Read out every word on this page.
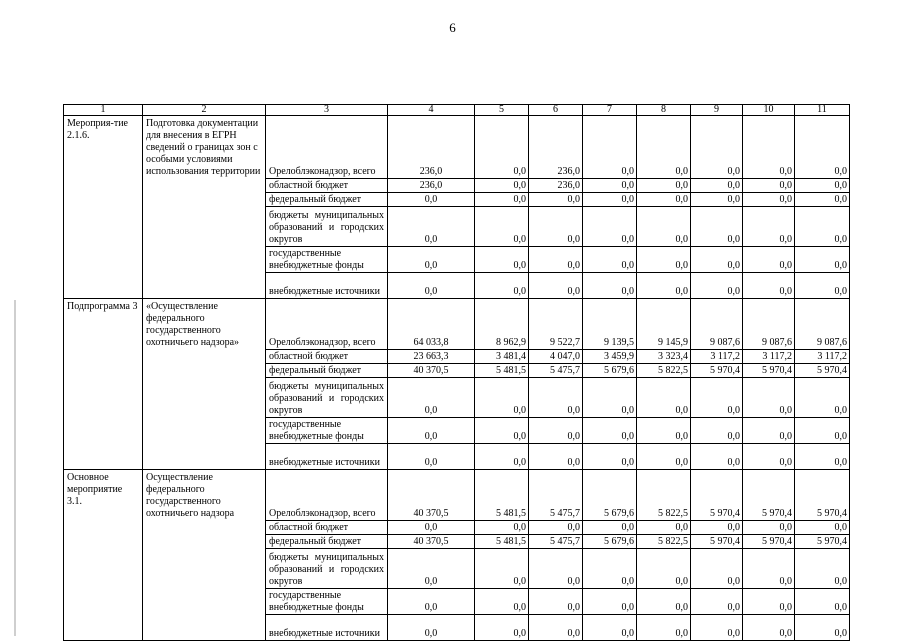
6
1	2	3	4	5	6	7	8	9	10	11
Мероприя-тие 2.1.6.	Подготовка документации для внесения в ЕГРН сведений о границах зон с особыми условиями использования территории	Орелоблэконадзор, всего	236,0	0,0	236,0	0,0	0,0	0,0	0,0	0,0
		областной бюджет	236,0	0,0	236,0	0,0	0,0	0,0	0,0	0,0
		федеральный бюджет	0,0	0,0	0,0	0,0	0,0	0,0	0,0	0,0
		бюджеты муниципальных образований и городских округов	0,0	0,0	0,0	0,0	0,0	0,0	0,0	0,0
		государственные внебюджетные фонды	0,0	0,0	0,0	0,0	0,0	0,0	0,0	0,0
		внебюджетные источники	0,0	0,0	0,0	0,0	0,0	0,0	0,0	0,0
Подпрограмма 3	«Осуществление федерального государственного охотничьего надзора»	Орелоблэконадзор, всего	64 033,8	8 962,9	9 522,7	9 139,5	9 145,9	9 087,6	9 087,6	9 087,6
		областной бюджет	23 663,3	3 481,4	4 047,0	3 459,9	3 323,4	3 117,2	3 117,2	3 117,2
		федеральный бюджет	40 370,5	5 481,5	5 475,7	5 679,6	5 822,5	5 970,4	5 970,4	5 970,4
		бюджеты муниципальных образований и городских округов	0,0	0,0	0,0	0,0	0,0	0,0	0,0	0,0
		государственные внебюджетные фонды	0,0	0,0	0,0	0,0	0,0	0,0	0,0	0,0
		внебюджетные источники	0,0	0,0	0,0	0,0	0,0	0,0	0,0	0,0
Основное мероприятие 3.1.	Осуществление федерального государственного охотничьего надзора	Орелоблэконадзор, всего	40 370,5	5 481,5	5 475,7	5 679,6	5 822,5	5 970,4	5 970,4	5 970,4
		областной бюджет	0,0	0,0	0,0	0,0	0,0	0,0	0,0	0,0
		федеральный бюджет	40 370,5	5 481,5	5 475,7	5 679,6	5 822,5	5 970,4	5 970,4	5 970,4
		бюджеты муниципальных образований и городских округов	0,0	0,0	0,0	0,0	0,0	0,0	0,0	0,0
		государственные внебюджетные фонды	0,0	0,0	0,0	0,0	0,0	0,0	0,0	0,0
		внебюджетные источники	0,0	0,0	0,0	0,0	0,0	0,0	0,0	0,0
